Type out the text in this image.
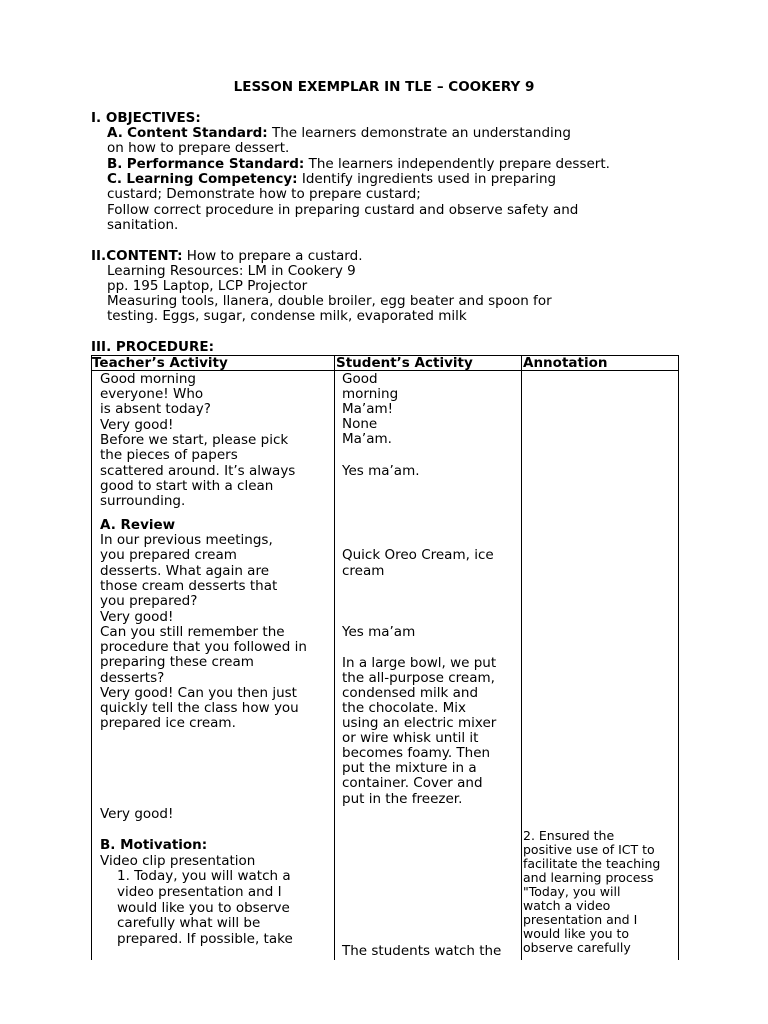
LESSON EXEMPLAR IN TLE – COOKERY 9
I. OBJECTIVES:
A. Content Standard: The learners demonstrate an understanding
on how to prepare dessert.
B. Performance Standard: The learners independently prepare dessert.
C. Learning Competency: Identify ingredients used in preparing
custard; Demonstrate how to prepare custard;
Follow correct procedure in preparing custard and observe safety and
sanitation.
II.CONTENT: How to prepare a custard.
Learning Resources: LM in Cookery 9
pp. 195 Laptop, LCP Projector
Measuring tools, llanera, double broiler, egg beater and spoon for
testing. Eggs, sugar, condense milk, evaporated milk
III. PROCEDURE:
Teacher’s Activity	Student’s Activity	Annotation
Good morning
everyone! Who
is absent today?
Very good!
Before we start, please pick
the pieces of papers
scattered around. It’s always
good to start with a clean
surrounding.
A. Review
In our previous meetings,
you prepared cream
desserts. What again are
those cream desserts that
you prepared?
Very good!
Can you still remember the
procedure that you followed in
preparing these cream
desserts?
Very good! Can you then just
quickly tell the class how you
prepared ice cream.
Very good!
B. Motivation:
Video clip presentation
1. Today, you will watch a
video presentation and I
would like you to observe
carefully what will be
prepared. If possible, take
Good
morning
Ma’am!
None
Ma’am.
Yes ma’am.
Quick Oreo Cream, ice
cream
Yes ma’am
In a large bowl, we put
the all-purpose cream,
condensed milk and
the chocolate. Mix
using an electric mixer
or wire whisk until it
becomes foamy. Then
put the mixture in a
container. Cover and
put in the freezer.
The students watch the
2. Ensured the
positive use of ICT to
facilitate the teaching
and learning process
"Today, you will
watch a video
presentation and I
would like you to
observe carefully
